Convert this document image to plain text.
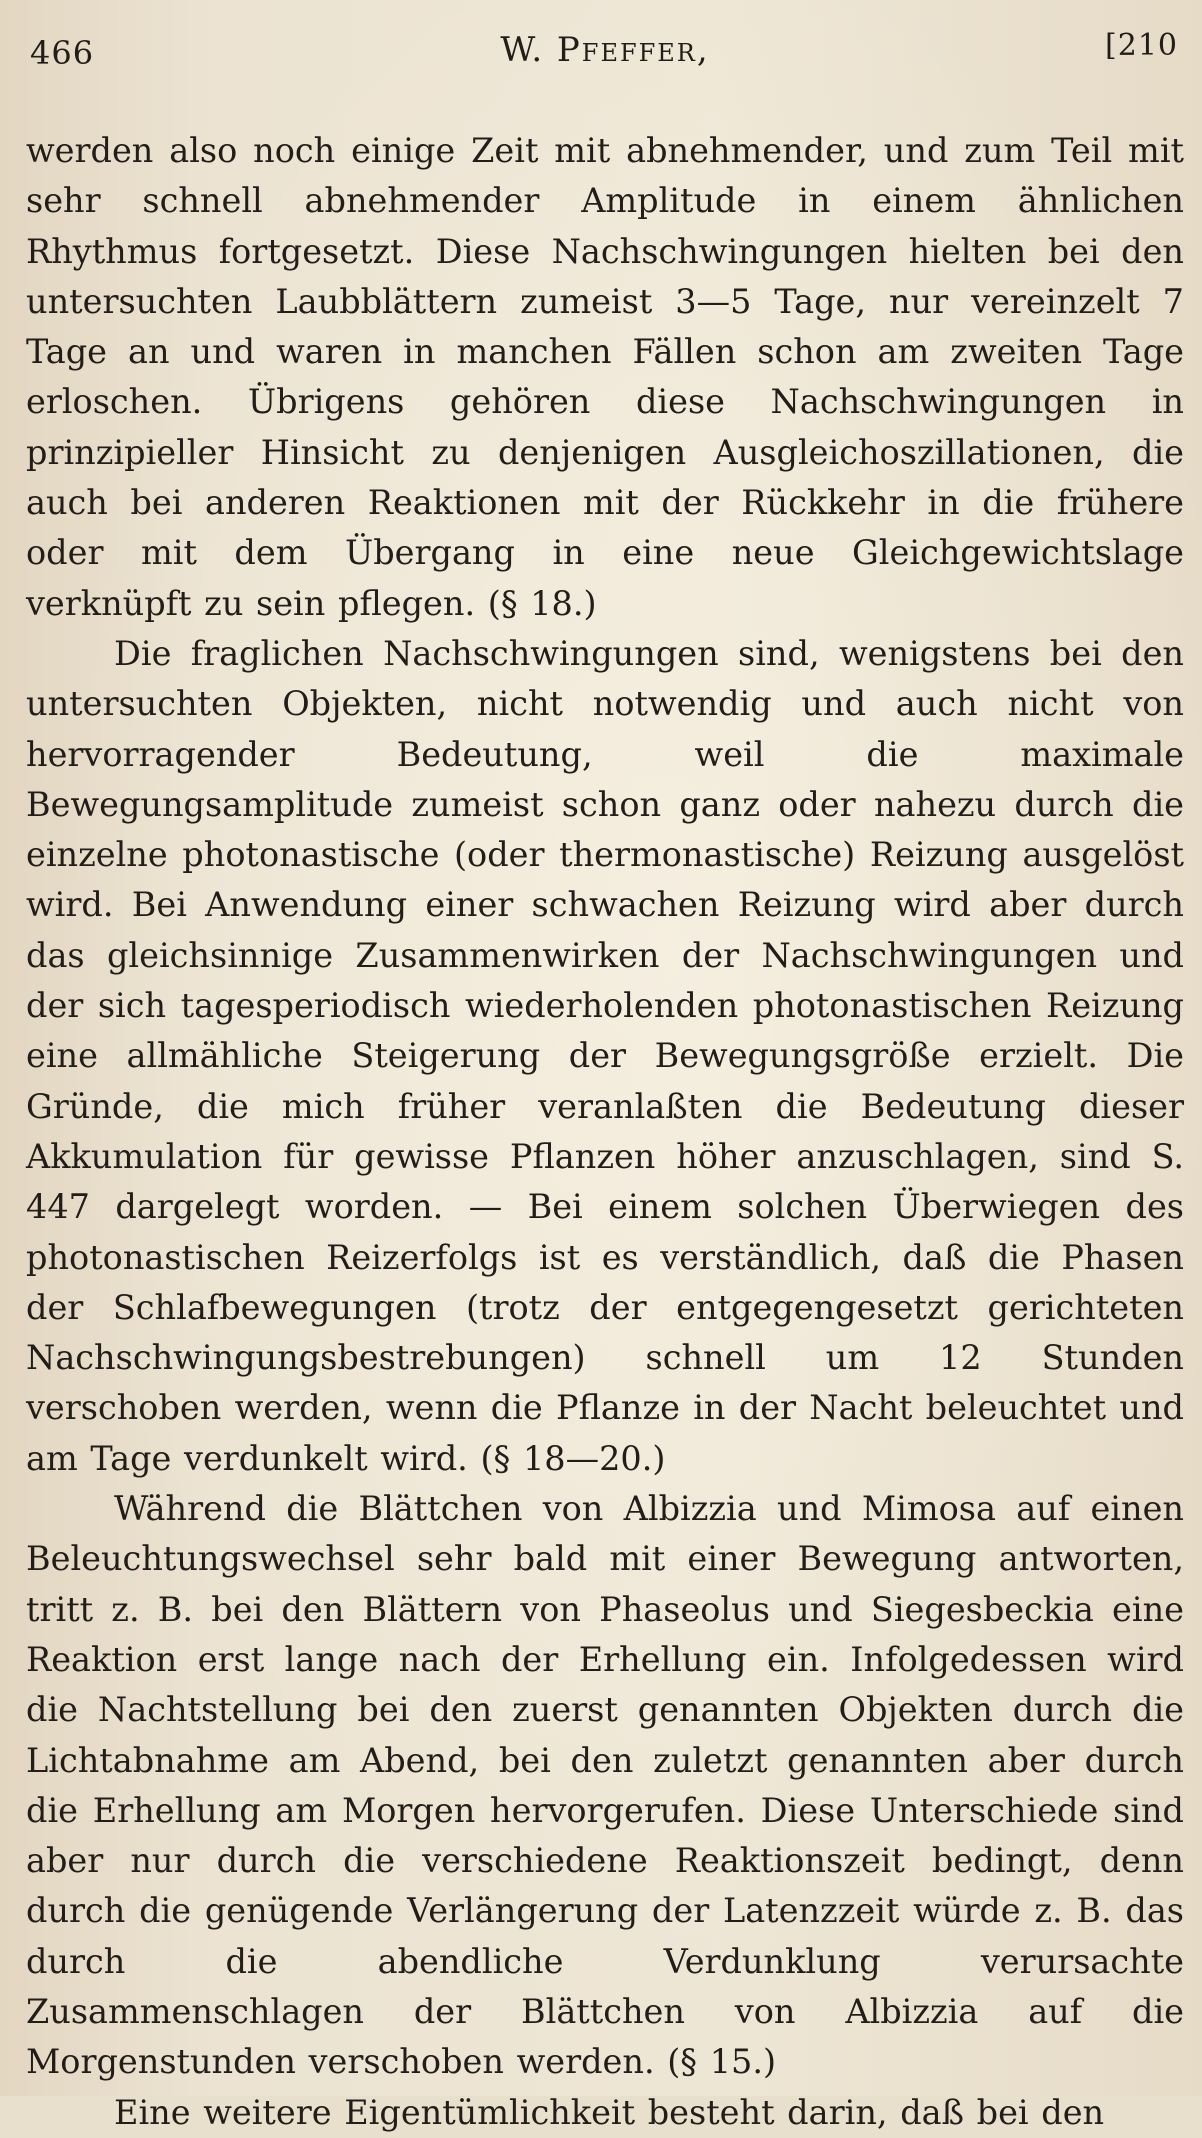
466	W. Pfeffer,	[210

werden also noch einige Zeit mit abnehmender, und zum Teil mit sehr schnell abnehmender Amplitude in einem ähnlichen Rhythmus fortgesetzt. Diese Nachschwingungen hielten bei den untersuchten Laubblättern zumeist 3—5 Tage, nur vereinzelt 7 Tage an und waren in manchen Fällen schon am zweiten Tage erloschen. Übrigens gehören diese Nachschwingungen in prinzipieller Hinsicht zu denjenigen Ausgleichoszillationen, die auch bei anderen Reaktionen mit der Rückkehr in die frühere oder mit dem Übergang in eine neue Gleichgewichtslage verknüpft zu sein pflegen. (§ 18.)

Die fraglichen Nachschwingungen sind, wenigstens bei den untersuchten Objekten, nicht notwendig und auch nicht von hervorragender Bedeutung, weil die maximale Bewegungsamplitude zumeist schon ganz oder nahezu durch die einzelne photonastische (oder thermonastische) Reizung ausgelöst wird. Bei Anwendung einer schwachen Reizung wird aber durch das gleichsinnige Zusammenwirken der Nachschwingungen und der sich tagesperiodisch wiederholenden photonastischen Reizung eine allmähliche Steigerung der Bewegungsgröße erzielt. Die Gründe, die mich früher veranlaßten die Bedeutung dieser Akkumulation für gewisse Pflanzen höher anzuschlagen, sind S. 447 dargelegt worden. — Bei einem solchen Überwiegen des photonastischen Reizerfolgs ist es verständlich, daß die Phasen der Schlafbewegungen (trotz der entgegengesetzt gerichteten Nachschwingungsbestrebungen) schnell um 12 Stunden verschoben werden, wenn die Pflanze in der Nacht beleuchtet und am Tage verdunkelt wird. (§ 18—20.)

Während die Blättchen von Albizzia und Mimosa auf einen Beleuchtungswechsel sehr bald mit einer Bewegung antworten, tritt z. B. bei den Blättern von Phaseolus und Siegesbeckia eine Reaktion erst lange nach der Erhellung ein. Infolgedessen wird die Nachtstellung bei den zuerst genannten Objekten durch die Lichtabnahme am Abend, bei den zuletzt genannten aber durch die Erhellung am Morgen hervorgerufen. Diese Unterschiede sind aber nur durch die verschiedene Reaktionszeit bedingt, denn durch die genügende Verlängerung der Latenzzeit würde z. B. das durch die abendliche Verdunklung verursachte Zusammenschlagen der Blättchen von Albizzia auf die Morgenstunden verschoben werden. (§ 15.)

Eine weitere Eigentümlichkeit besteht darin, daß bei den
